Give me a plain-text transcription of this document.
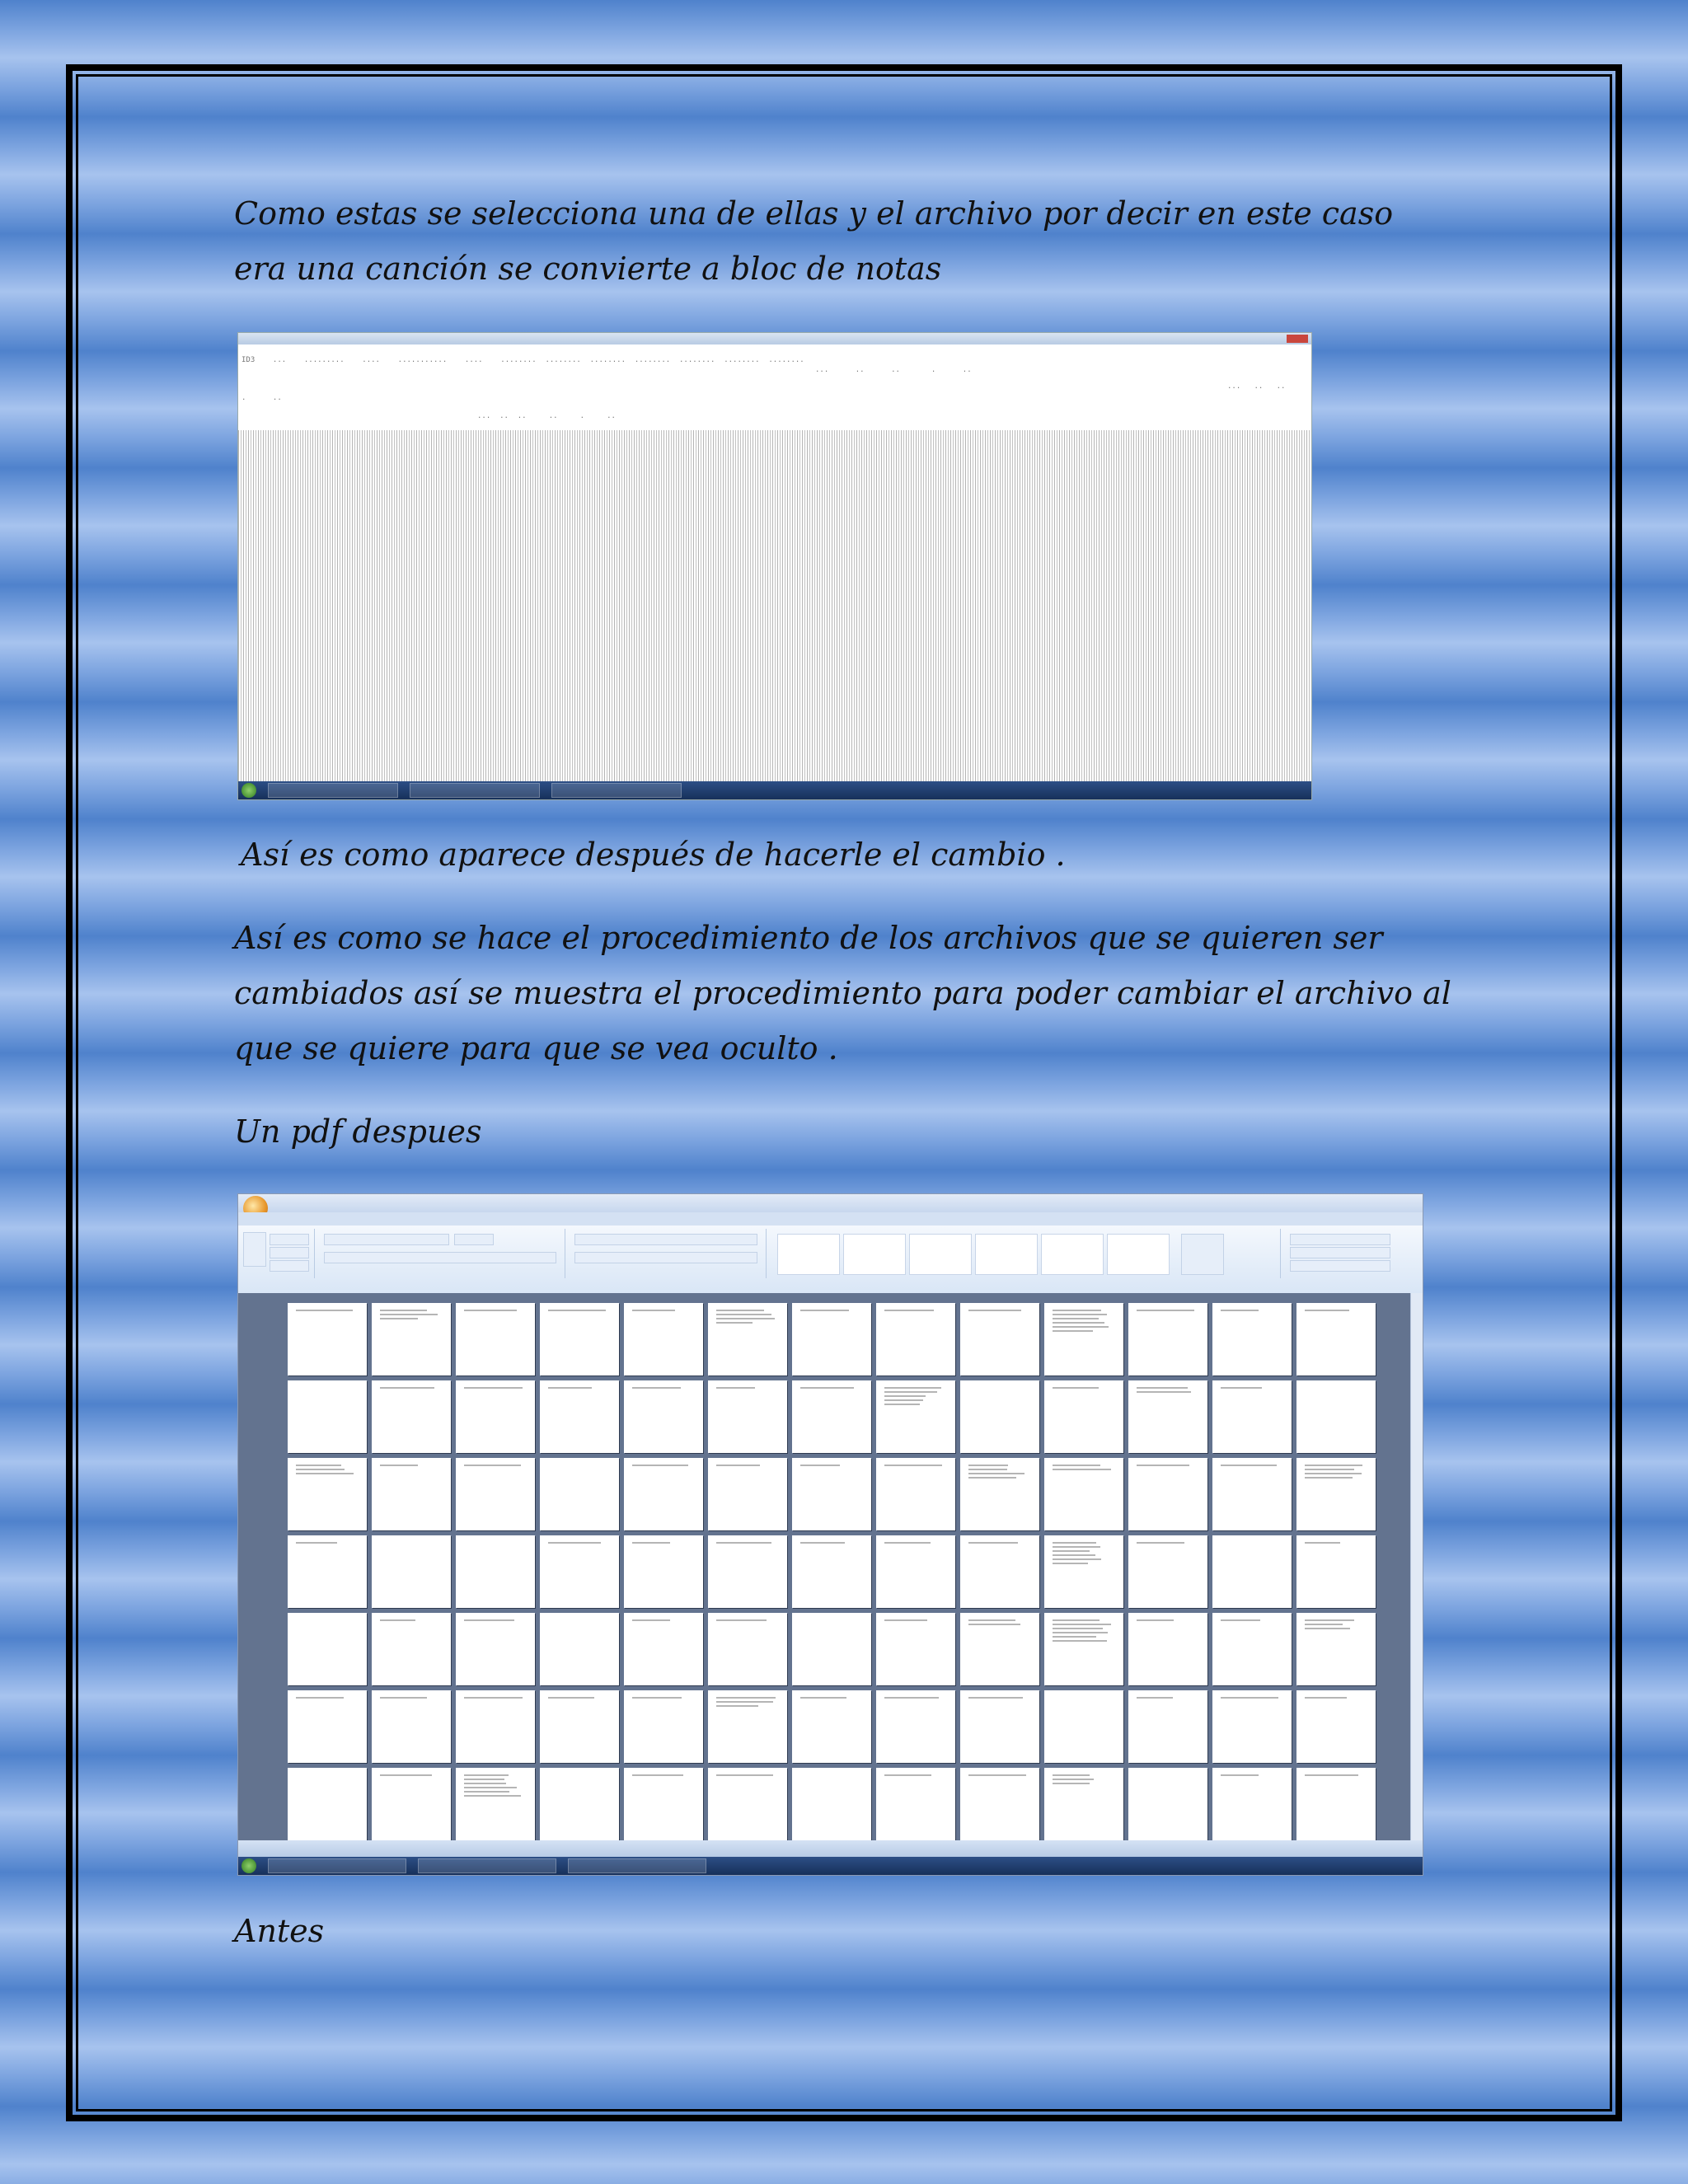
Como estas se selecciona una de ellas y el archivo por decir en este caso era una canción se convierte a bloc de notas
ID3    ...    .........    ....    ...........    ....    ........  ........  ........  ........  ........  ........  ........
...      ..      ..       .      ..
...   ..   ..
.      ..
...  ..  ..     ..     .     ..
Así es como aparece después de hacerle el cambio .
Así es como se hace el procedimiento de los archivos que se quieren ser cambiados así se muestra el procedimiento para poder cambiar el archivo al que se quiere para que se vea oculto .
Un pdf despues
Antes
